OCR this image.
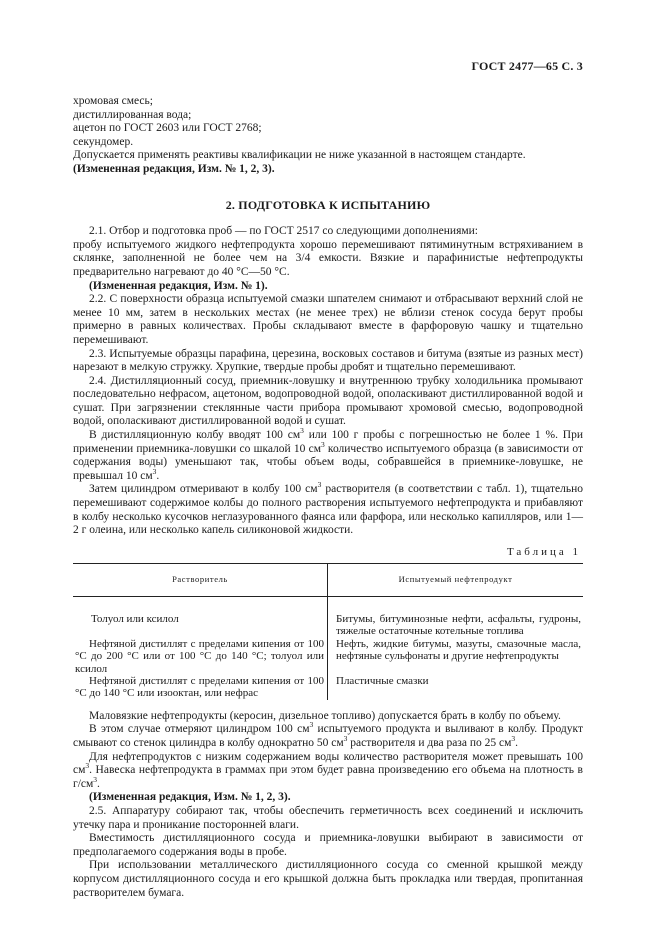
ГОСТ 2477—65 С. 3

хромовая смесь;

дистиллированная вода;

ацетон по ГОСТ 2603 или ГОСТ 2768;

секундомер.

Допускается применять реактивы квалификации не ниже указанной в настоящем стандарте.

(Измененная редакция, Изм. № 1, 2, 3).

2. ПОДГОТОВКА К ИСПЫТАНИЮ

2.1. Отбор и подготовка проб — по ГОСТ 2517 со следующими дополнениями:

пробу испытуемого жидкого нефтепродукта хорошо перемешивают пятиминутным встряхиванием в склянке, заполненной не более чем на 3/4 емкости. Вязкие и парафинистые нефтепродукты предварительно нагревают до 40 °С—50 °С.

(Измененная редакция, Изм. № 1).

2.2. С поверхности образца испытуемой смазки шпателем снимают и отбрасывают верхний слой не менее 10 мм, затем в нескольких местах (не менее трех) не вблизи стенок сосуда берут пробы примерно в равных количествах. Пробы складывают вместе в фарфоровую чашку и тщательно перемешивают.

2.3. Испытуемые образцы парафина, церезина, восковых составов и битума (взятые из разных мест) нарезают в мелкую стружку. Хрупкие, твердые пробы дробят и тщательно перемешивают.

2.4. Дистилляционный сосуд, приемник-ловушку и внутреннюю трубку холодильника промывают последовательно нефрасом, ацетоном, водопроводной водой, ополаскивают дистиллированной водой и сушат. При загрязнении стеклянные части прибора промывают хромовой смесью, водопроводной водой, ополаскивают дистиллированной водой и сушат.

В дистилляционную колбу вводят 100 $см^3$ или 100 г пробы с погрешностью не более 1 %. При применении приемника-ловушки со шкалой 10 $см^3$ количество испытуемого образца (в зависимости от содержания воды) уменьшают так, чтобы объем воды, собравшейся в приемнике-ловушке, не превышал 10 $см^3$.

Затем цилиндром отмеривают в колбу 100 $см^3$ растворителя (в соответствии с табл. 1), тщательно перемешивают содержимое колбы до полного растворения испытуемого нефтепродукта и прибавляют в колбу несколько кусочков неглазурованного фаянса или фарфора, или несколько капилляров, или 1—2 г олеина, или несколько капель силиконовой жидкости.

Таблица 1
Растворитель	Испытуемый нефтепродукт
Толуол или ксилол	Битумы, битуминозные нефти, асфальты, гудроны, тяжелые остаточные котельные топлива
Нефтяной дистиллят с пределами кипения от 100 °С до 200 °С или от 100 °С до 140 °С; толуол или ксилол	Нефть, жидкие битумы, мазуты, смазочные масла, нефтяные сульфонаты и другие нефтепродукты
Нефтяной дистиллят с пределами кипения от 100 °С до 140 °С или изооктан, или нефрас	Пластичные смазки

Маловязкие нефтепродукты (керосин, дизельное топливо) допускается брать в колбу по объему.

В этом случае отмеряют цилиндром 100 $см^3$ испытуемого продукта и выливают в колбу. Продукт смывают со стенок цилиндра в колбу однократно 50 $см^3$ растворителя и два раза по 25 $см^3$.

Для нефтепродуктов с низким содержанием воды количество растворителя может превышать 100 $см^3$. Навеска нефтепродукта в граммах при этом будет равна произведению его объема на плотность в $г/см^3$.

(Измененная редакция, Изм. № 1, 2, 3).

2.5. Аппаратуру собирают так, чтобы обеспечить герметичность всех соединений и исключить утечку пара и проникание посторонней влаги.

Вместимость дистилляционного сосуда и приемника-ловушки выбирают в зависимости от предполагаемого содержания воды в пробе.

При использовании металлического дистилляционного сосуда со сменной крышкой между корпусом дистилляционного сосуда и его крышкой должна быть прокладка или твердая, пропитанная растворителем бумага.
